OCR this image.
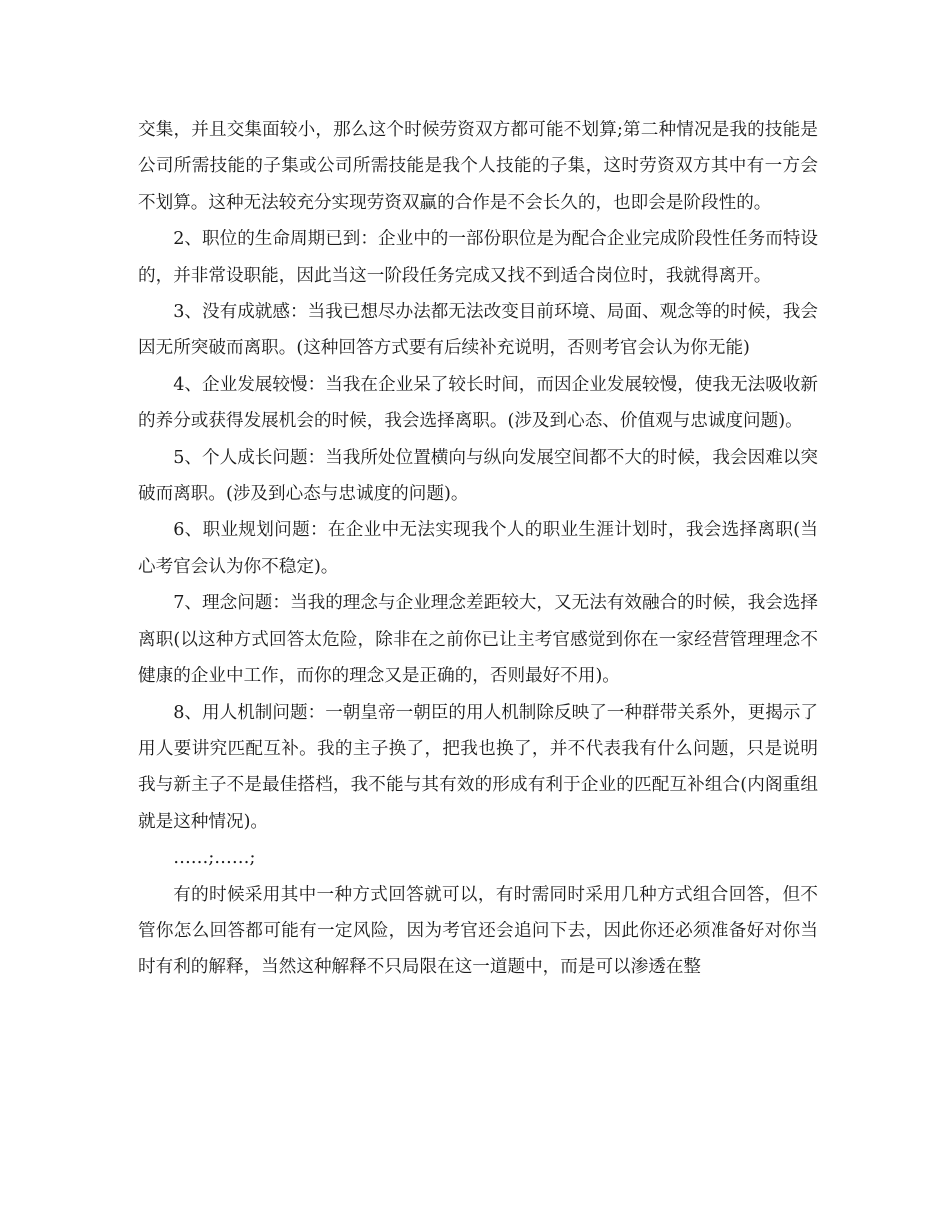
交集，并且交集面较小，那么这个时候劳资双方都可能不划算;第二种情况是我的技能是公司所需技能的子集或公司所需技能是我个人技能的子集，这时劳资双方其中有一方会不划算。这种无法较充分实现劳资双赢的合作是不会长久的，也即会是阶段性的。

2、职位的生命周期已到：企业中的一部份职位是为配合企业完成阶段性任务而特设的，并非常设职能，因此当这一阶段任务完成又找不到适合岗位时，我就得离开。

3、没有成就感：当我已想尽办法都无法改变目前环境、局面、观念等的时候，我会因无所突破而离职。(这种回答方式要有后续补充说明，否则考官会认为你无能)

4、企业发展较慢：当我在企业呆了较长时间，而因企业发展较慢，使我无法吸收新的养分或获得发展机会的时候，我会选择离职。(涉及到心态、价值观与忠诚度问题)。

5、个人成长问题：当我所处位置横向与纵向发展空间都不大的时候，我会因难以突破而离职。(涉及到心态与忠诚度的问题)。

6、职业规划问题：在企业中无法实现我个人的职业生涯计划时，我会选择离职(当心考官会认为你不稳定)。

7、理念问题：当我的理念与企业理念差距较大，又无法有效融合的时候，我会选择离职(以这种方式回答太危险，除非在之前你已让主考官感觉到你在一家经营管理理念不健康的企业中工作，而你的理念又是正确的，否则最好不用)。

8、用人机制问题：一朝皇帝一朝臣的用人机制除反映了一种群带关系外，更揭示了用人要讲究匹配互补。我的主子换了，把我也换了，并不代表我有什么问题，只是说明我与新主子不是最佳搭档，我不能与其有效的形成有利于企业的匹配互补组合(内阁重组就是这种情况)。

……;……;

有的时候采用其中一种方式回答就可以，有时需同时采用几种方式组合回答，但不管你怎么回答都可能有一定风险，因为考官还会追问下去，因此你还必须准备好对你当时有利的解释，当然这种解释不只局限在这一道题中，而是可以渗透在整
